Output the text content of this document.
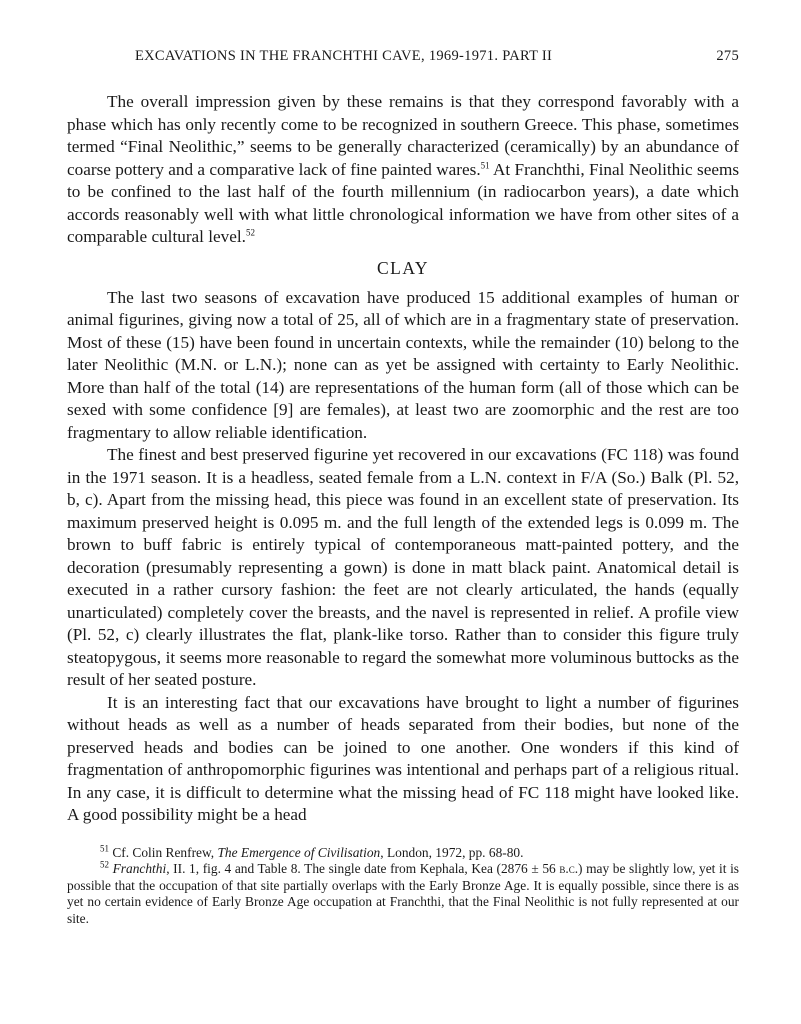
EXCAVATIONS IN THE FRANCHTHI CAVE, 1969-1971. PART II	275

The overall impression given by these remains is that they correspond favorably with a phase which has only recently come to be recognized in southern Greece. This phase, sometimes termed “Final Neolithic,” seems to be generally characterized (ceramically) by an abundance of coarse pottery and a comparative lack of fine painted wares.$^{51}$ At Franchthi, Final Neolithic seems to be confined to the last half of the fourth millennium (in radiocarbon years), a date which accords reasonably well with what little chronological information we have from other sites of a comparable cultural level.$^{52}$

CLAY

The last two seasons of excavation have produced 15 additional examples of human or animal figurines, giving now a total of 25, all of which are in a fragmentary state of preservation. Most of these (15) have been found in uncertain contexts, while the remainder (10) belong to the later Neolithic (M.N. or L.N.); none can as yet be assigned with certainty to Early Neolithic. More than half of the total (14) are representations of the human form (all of those which can be sexed with some confidence [9] are females), at least two are zoomorphic and the rest are too fragmentary to allow reliable identification.

The finest and best preserved figurine yet recovered in our excavations (FC 118) was found in the 1971 season. It is a headless, seated female from a L.N. context in F/A (So.) Balk (Pl. 52, b, c). Apart from the missing head, this piece was found in an excellent state of preservation. Its maximum preserved height is 0.095 m. and the full length of the extended legs is 0.099 m. The brown to buff fabric is entirely typical of contemporaneous matt-painted pottery, and the decoration (presumably representing a gown) is done in matt black paint. Anatomical detail is executed in a rather cursory fashion: the feet are not clearly articulated, the hands (equally unarticulated) completely cover the breasts, and the navel is represented in relief. A profile view (Pl. 52, c) clearly illustrates the flat, plank-like torso. Rather than to consider this figure truly steatopygous, it seems more reasonable to regard the somewhat more voluminous buttocks as the result of her seated posture.

It is an interesting fact that our excavations have brought to light a number of figurines without heads as well as a number of heads separated from their bodies, but none of the preserved heads and bodies can be joined to one another. One wonders if this kind of fragmentation of anthropomorphic figurines was intentional and perhaps part of a religious ritual. In any case, it is difficult to determine what the missing head of FC 118 might have looked like. A good possibility might be a head

$^{51}$ Cf. Colin Renfrew, The Emergence of Civilisation, London, 1972, pp. 68-80.

$^{52}$ Franchthi, II. 1, fig. 4 and Table 8. The single date from Kephala, Kea (2876 ± 56 b.c.) may be slightly low, yet it is possible that the occupation of that site partially overlaps with the Early Bronze Age. It is equally possible, since there is as yet no certain evidence of Early Bronze Age occupation at Franchthi, that the Final Neolithic is not fully represented at our site.
